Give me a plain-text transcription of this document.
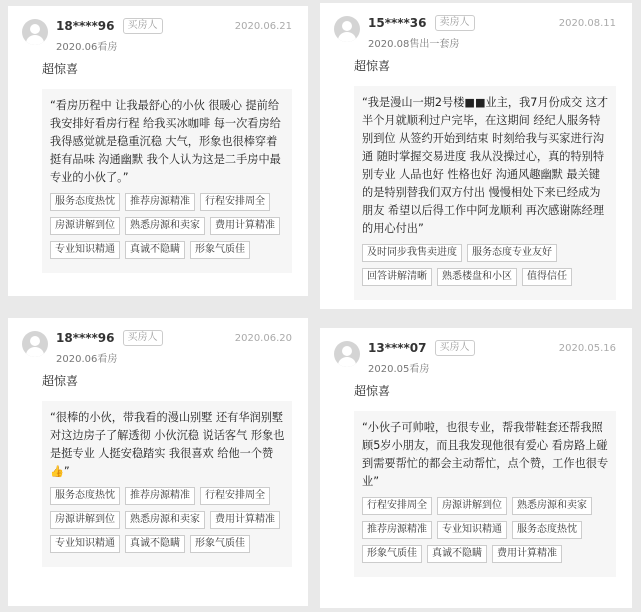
18****96	买房人	2020.06.21
2020.06看房
超惊喜
“看房历程中 让我最舒心的小伙 很暖心 提前给我安排好看房行程 给我买冰咖啡 每一次看房给我得感觉就是稳重沉稳 大气，形象也很棒穿着挺有品味 沟通幽默 我个人认为这是二手房中最专业的小伙了。”
服务态度热忱	推荐房源精准	行程安排周全
房源讲解到位	熟悉房源和卖家	费用计算精准
专业知识精通	真诚不隐瞒	形象气质佳
15****36	卖房人	2020.08.11
2020.08售出一套房
超惊喜
“我是漫山一期2号楼■■业主，我7月份成交 这才半个月就顺利过户完毕，在这期间 经纪人服务特别到位 从签约开始到结束 时刻给我与买家进行沟通 随时掌握交易进度 我从没操过心，真的特别特别专业 人品也好 性格也好 沟通风趣幽默 最关键的是特别替我们双方付出 慢慢相处下来已经成为朋友 希望以后得工作中阿龙顺利 再次感谢陈经理的用心付出”
及时同步我售卖进度	服务态度专业友好
回答讲解清晰	熟悉楼盘和小区	值得信任
18****96	买房人	2020.06.20
2020.06看房
超惊喜
“很棒的小伙，带我看的漫山别墅 还有华润别墅 对这边房子了解透彻 小伙沉稳 说话客气 形象也是挺专业 人挺安稳踏实 我很喜欢 给他一个赞👍”
服务态度热忱	推荐房源精准	行程安排周全
房源讲解到位	熟悉房源和卖家	费用计算精准
专业知识精通	真诚不隐瞒	形象气质佳
13****07	买房人	2020.05.16
2020.05看房
超惊喜
“小伙子可帅啦，也很专业，帮我带鞋套还帮我照顾5岁小朋友，而且我发现他很有爱心 看房路上碰到需要帮忙的都会主动帮忙，点个赞，工作也很专业”
行程安排周全	房源讲解到位	熟悉房源和卖家
推荐房源精准	专业知识精通	服务态度热忱
形象气质佳	真诚不隐瞒	费用计算精准
